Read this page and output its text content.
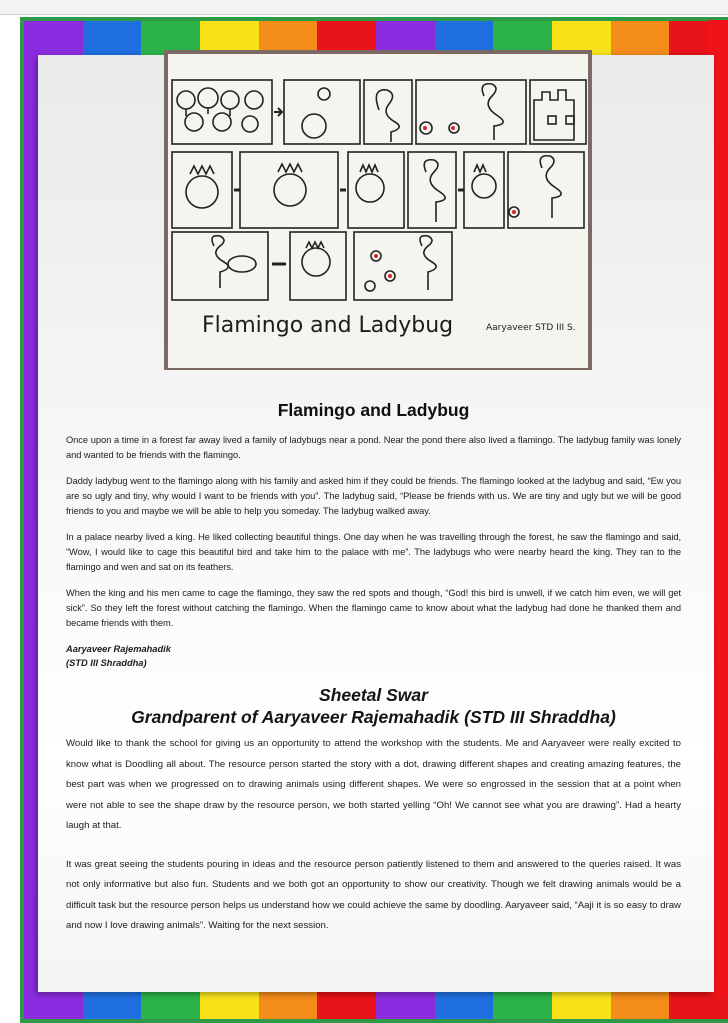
Flamingo and Ladybug	Aaryaveer STD III S.
Flamingo and Ladybug

Once upon a time in a forest far away lived a family of ladybugs near a pond. Near the pond there also lived a flamingo. The ladybug family was lonely and wanted to be friends with the flamingo.

Daddy ladybug went to the flamingo along with his family and asked him if they could be friends. The flamingo looked at the ladybug and said, “Ew you are so ugly and tiny, why would I want to be friends with you”. The ladybug said, “Please be friends with us. We are tiny and ugly but we will be good friends to you and maybe we will be able to help you someday. The ladybug walked away.

In a palace nearby lived a king. He liked collecting beautiful things. One day when he was travelling through the forest, he saw the flamingo and said, “Wow, I would like to cage this beautiful bird and take him to the palace with me”. The ladybugs who were nearby heard the king. They ran to the flamingo and wen and sat on its feathers.

When the king and his men came to cage the flamingo, they saw the red spots and though, “God! this bird is unwell, if we catch him even, we will get sick”. So they left the forest without catching the flamingo. When the flamingo came to know about what the ladybug had done he thanked them and became friends with them.

Aaryaveer Rajemahadik
(STD III Shraddha)
Sheetal Swar
Grandparent of Aaryaveer Rajemahadik (STD III Shraddha)

Would like to thank the school for giving us an opportunity to attend the workshop with the students. Me and Aaryaveer were really excited to know what is Doodling all about. The resource person started the story with a dot, drawing different shapes and creating amazing features, the best part was when we progressed on to drawing animals using different shapes. We were so engrossed in the session that at a point when were not able to see the shape draw by the resource person, we both started yelling “Oh! We cannot see what you are drawing”. Had a hearty laugh at that.

It was great seeing the students pouring in ideas and the resource person patiently listened to them and answered to the queries raised. It was not only informative but also fun. Students and we both got an opportunity to show our creativity. Though we felt drawing animals would be a difficult task but the resource person helps us understand how we could achieve the same by doodling. Aaryaveer said, “Aaji it is so easy to draw and now I love drawing animals”. Waiting for the next session.
